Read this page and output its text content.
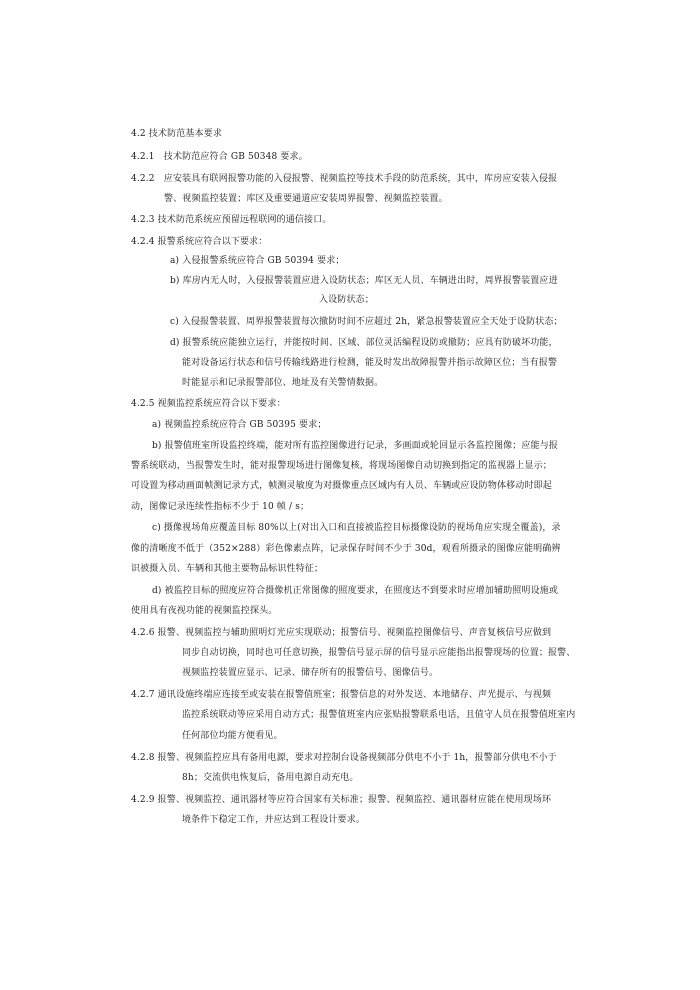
4.2 技术防范基本要求
4.2.1　技术防范应符合 GB 50348 要求。
4.2.2　应安装具有联网报警功能的入侵报警、视频监控等技术手段的防范系统，其中，库房应安装入侵报
警、视频监控装置；库区及重要通道应安装周界报警、视频监控装置。
4.2.3 技术防范系统应预留远程联网的通信接口。
4.2.4 报警系统应符合以下要求：
a) 入侵报警系统应符合 GB 50394 要求；
b) 库房内无人时，入侵报警装置应进入设防状态；库区无人员、车辆进出时，周界报警装置应进
入设防状态；
c) 入侵报警装置、周界报警装置每次撤防时间不应超过 2h，紧急报警装置应全天处于设防状态；
d) 报警系统应能独立运行，并能按时间、区域、部位灵活编程设防或撤防；应具有防破坏功能，
能对设备运行状态和信号传输线路进行检测，能及时发出故障报警并指示故障区位；当有报警
时能显示和记录报警部位、地址及有关警情数据。
4.2.5 视频监控系统应符合以下要求：
a) 视频监控系统应符合 GB 50395 要求；
b) 报警值班室所设监控终端，能对所有监控图像进行记录，多画面或轮回显示各监控图像；应能与报
警系统联动，当报警发生时，能对报警现场进行图像复核，将现场图像自动切换到指定的监视器上显示；
可设置为移动画面帧测记录方式，帧测灵敏度为对摄像重点区域内有人员、车辆或应设防物体移动时即起
动，图像记录连续性指标不少于 10 帧 / s；
c) 摄像视场角应覆盖目标 80%以上(对出入口和直接被监控目标摄像设防的视场角应实现全覆盖)，录
像的清晰度不低于（352×288）彩色像素点阵，记录保存时间不少于 30d，观看所摄录的图像应能明确辨
识被摄入员、车辆和其他主要物品标识性特征；
d) 被监控目标的照度应符合摄像机正常图像的照度要求，在照度达不到要求时应增加辅助照明设施或
使用具有夜视功能的视频监控探头。
4.2.6 报警、视频监控与辅助照明灯光应实现联动；报警信号、视频监控图像信号、声音复核信号应做到
同步自动切换，同时也可任意切换，报警信号显示屏的信号显示应能指出报警现场的位置；报警、
视频监控装置应显示、记录、储存所有的报警信号、图像信号。
4.2.7 通讯设施终端应连接至或安装在报警值班室；报警信息的对外发送、本地储存、声光提示、与视频
监控系统联动等应采用自动方式；报警值班室内应张贴报警联系电话，且值守人员在报警值班室内
任何部位均能方便看见。
4.2.8 报警、视频监控应具有备用电源，要求对控制台设备视频部分供电不小于 1h，报警部分供电不小于
8h；交流供电恢复后，备用电源自动充电。
4.2.9 报警、视频监控、通讯器材等应符合国家有关标准；报警、视频监控、通讯器材应能在使用现场环
境条件下稳定工作，并应达到工程设计要求。
